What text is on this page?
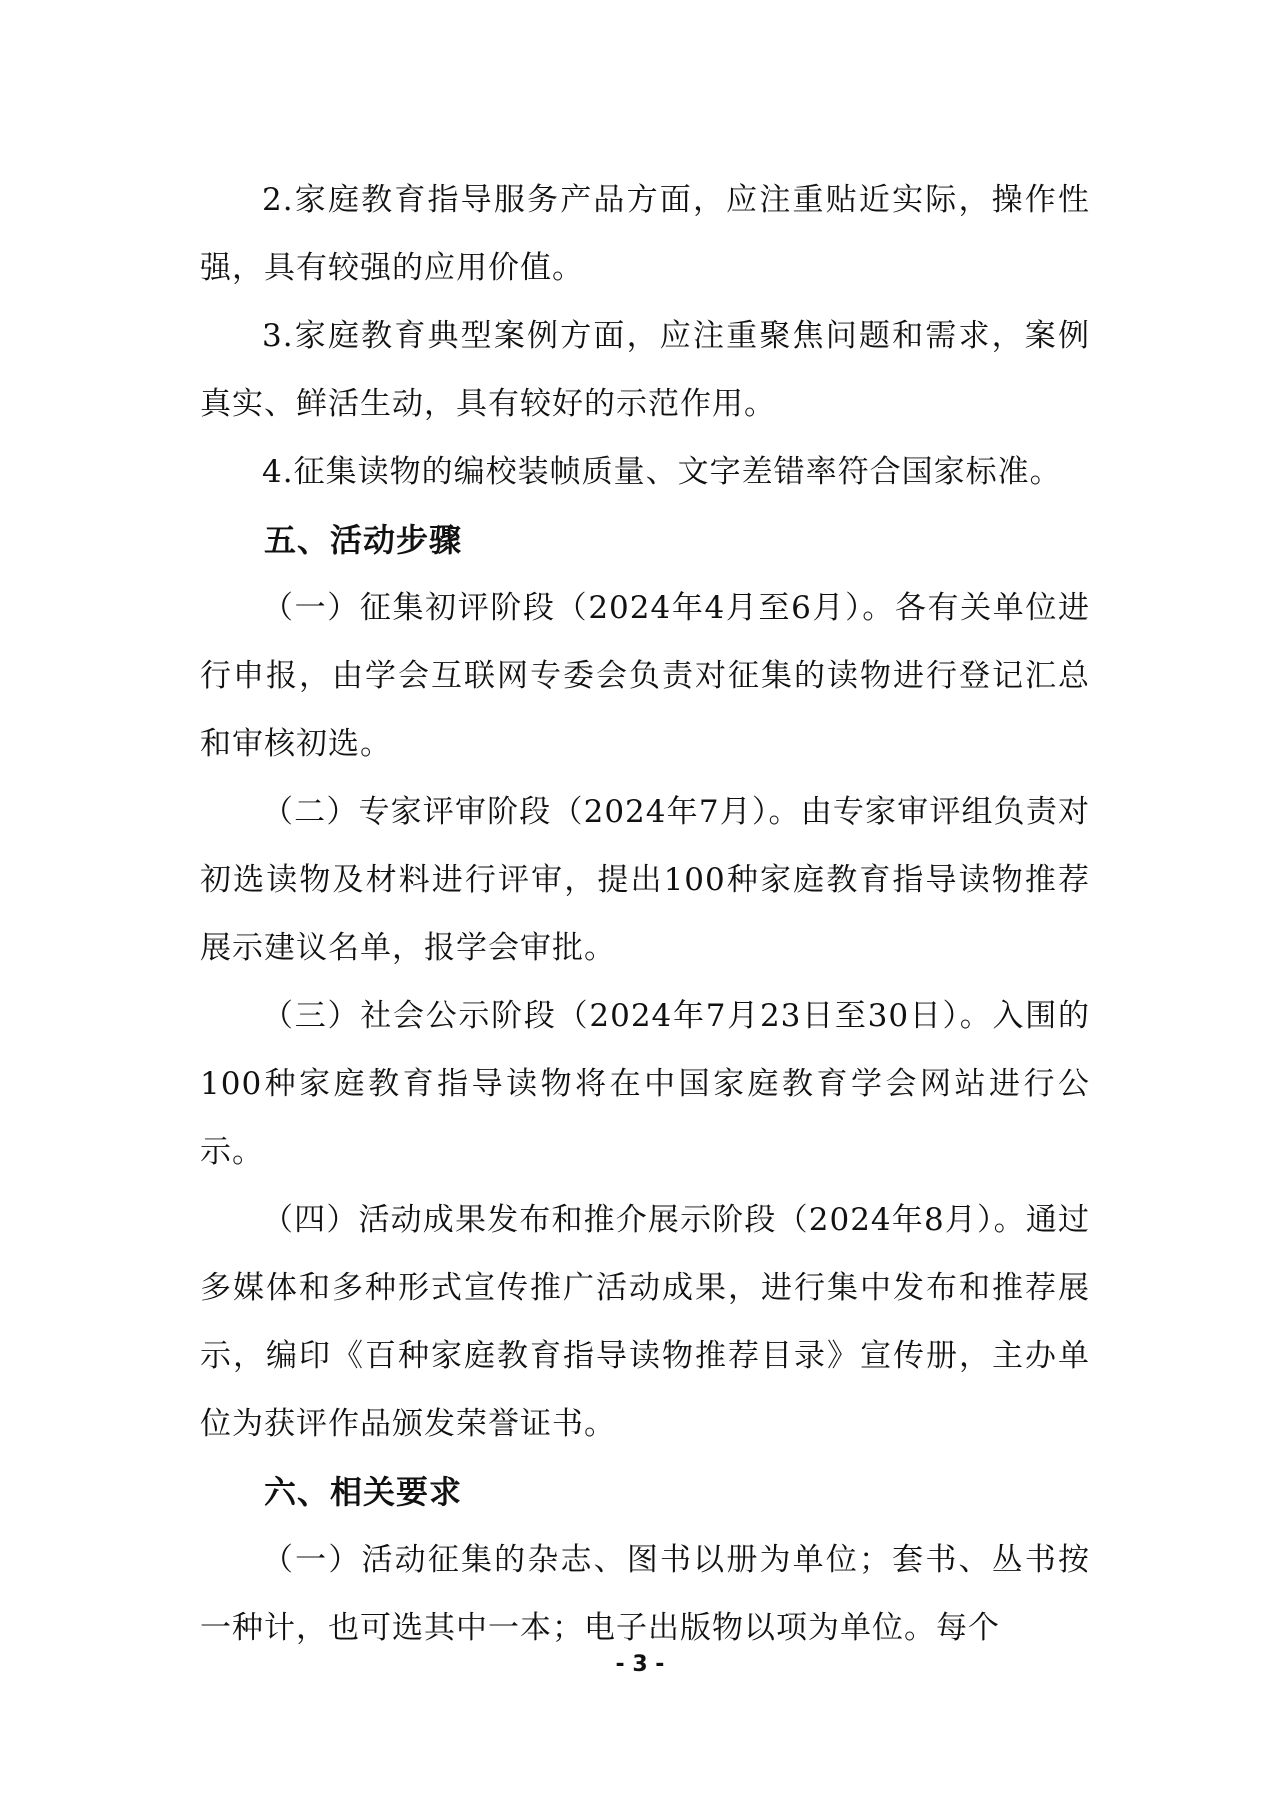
2.家庭教育指导服务产品方面，应注重贴近实际，操作性强，具有较强的应用价值。

3.家庭教育典型案例方面，应注重聚焦问题和需求，案例真实、鲜活生动，具有较好的示范作用。

4.征集读物的编校装帧质量、文字差错率符合国家标准。

五、活动步骤

（一）征集初评阶段（2024年4月至6月）。各有关单位进行申报，由学会互联网专委会负责对征集的读物进行登记汇总和审核初选。

（二）专家评审阶段（2024年7月）。由专家审评组负责对初选读物及材料进行评审，提出100种家庭教育指导读物推荐展示建议名单，报学会审批。

（三）社会公示阶段（2024年7月23日至30日）。入围的100种家庭教育指导读物将在中国家庭教育学会网站进行公示。

（四）活动成果发布和推介展示阶段（2024年8月）。通过多媒体和多种形式宣传推广活动成果，进行集中发布和推荐展示，编印《百种家庭教育指导读物推荐目录》宣传册，主办单位为获评作品颁发荣誉证书。

六、相关要求

（一）活动征集的杂志、图书以册为单位；套书、丛书按一种计，也可选其中一本；电子出版物以项为单位。每个

- 3 -
